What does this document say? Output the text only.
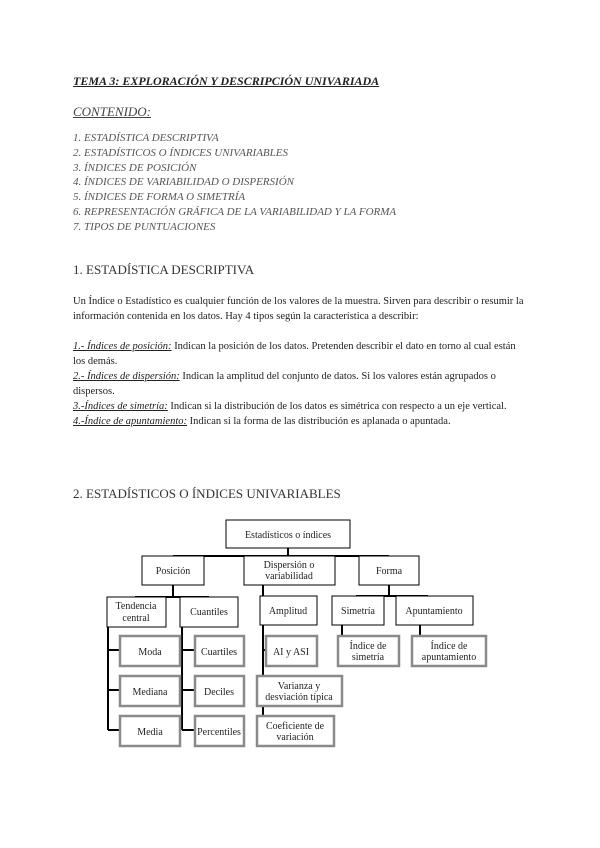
TEMA 3: EXPLORACIÓN Y DESCRIPCIÓN UNIVARIADA
CONTENIDO:
1. ESTADÍSTICA DESCRIPTIVA
2. ESTADÍSTICOS O ÍNDICES UNIVARIABLES
3. ÍNDICES DE POSICIÓN
4. ÍNDICES DE VARIABILIDAD O DISPERSIÓN
5. ÍNDICES DE FORMA O SIMETRÍA
6. REPRESENTACIÓN GRÁFICA DE LA VARIABILIDAD Y LA FORMA
7. TIPOS DE PUNTUACIONES
1. ESTADÍSTICA DESCRIPTIVA
Un Índice o Estadístico es cualquier función de los valores de la muestra. Sirven para describir o resumir la información contenida en los datos. Hay 4 tipos según la característica a describir:
1.- Índices de posición: Indican la posición de los datos. Pretenden describir el dato en torno al cual están los demás.
2.- Índices de dispersión: Indican la amplitud del conjunto de datos. Si los valores están agrupados o dispersos.
3.-Índices de simetría: Indican si la distribución de los datos es simétrica con respecto a un eje vertical.
4.-Índice de apuntamiento: Indican si la forma de las distribución es aplanada o apuntada.
2. ESTADÍSTICOS O ÍNDICES UNIVARIABLES
Estadísticos o índices
Posición
Dispersión o
variabilidad	Forma
Tendencia
central
Cuantiles	Amplitud	Simetría	Apuntamiento
Moda
Mediana
Media
Cuartiles
Deciles
Percentiles
AI y ASI
Varianza y
desviación típica
Coeficiente de
variación
Índice de
simetría
Índice de
apuntamiento
